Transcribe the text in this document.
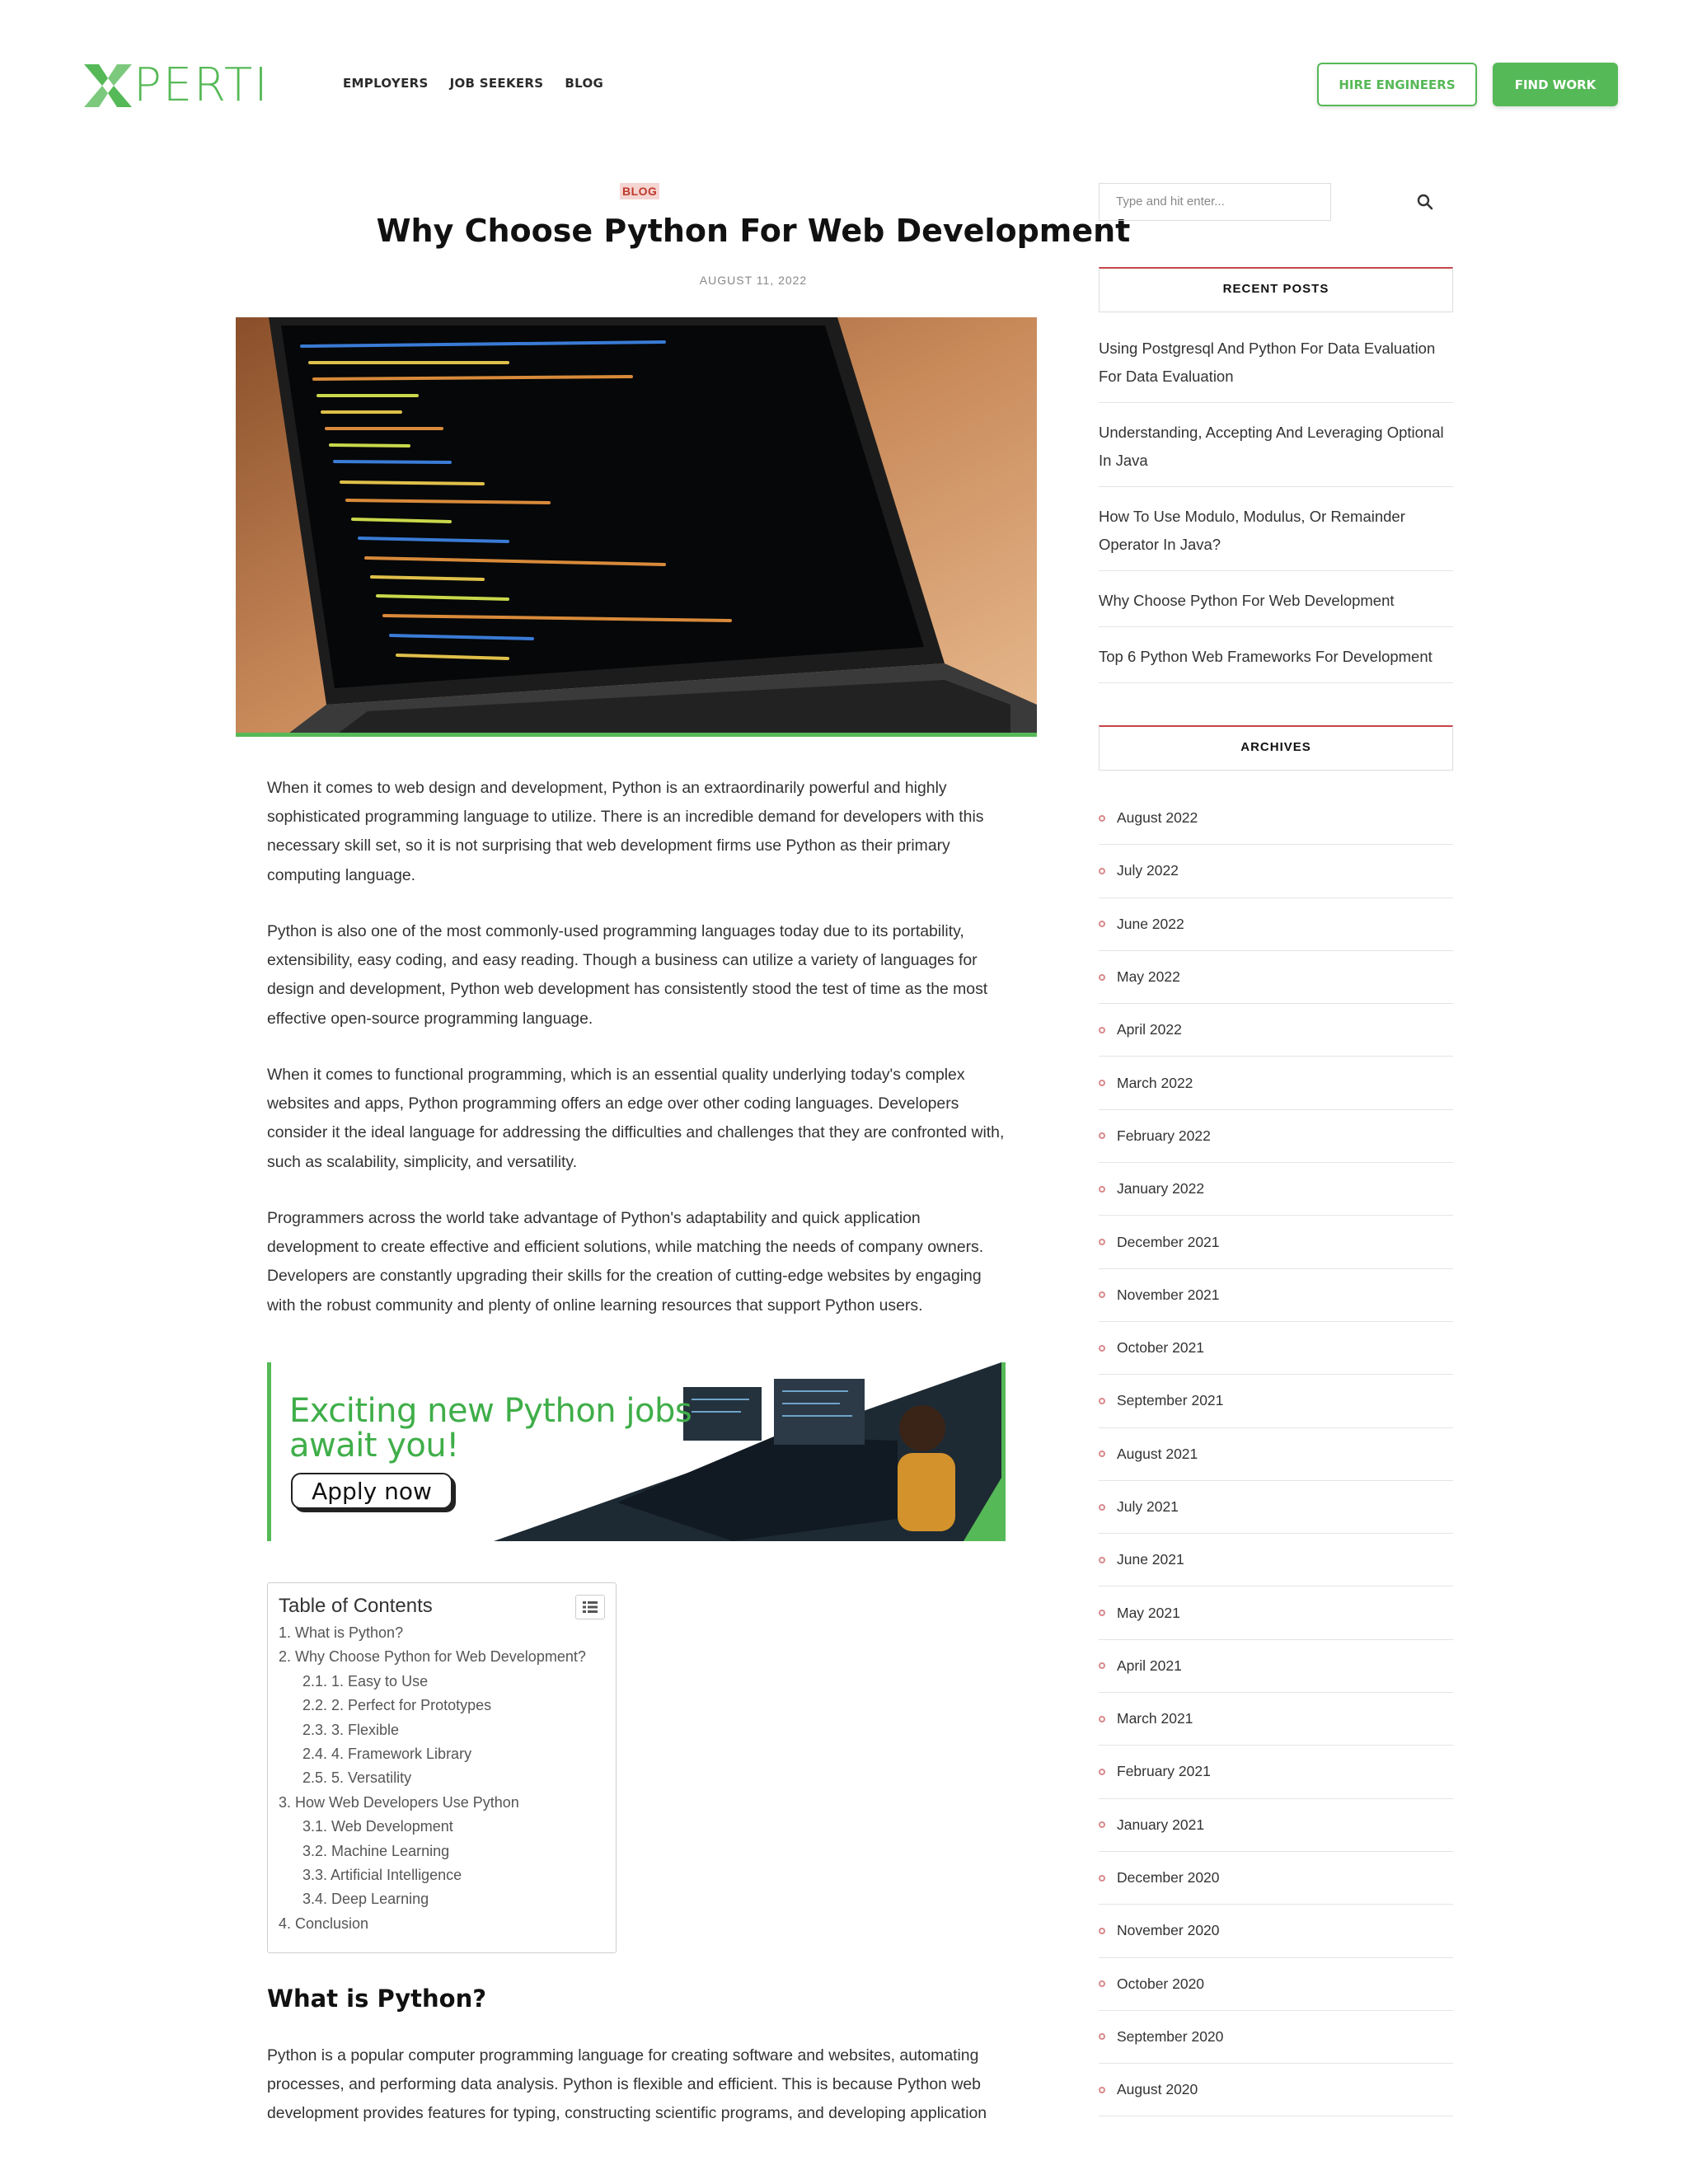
PERTI	EMPLOYERS JOB SEEKERS BLOG	HIRE ENGINEERS	FIND WORK
BLOG
Why Choose Python For Web Development
AUGUST 11, 2022

When it comes to web design and development, Python is an extraordinarily powerful and highly sophisticated programming language to utilize. There is an incredible demand for developers with this necessary skill set, so it is not surprising that web development firms use Python as their primary computing language.

Python is also one of the most commonly-used programming languages today due to its portability, extensibility, easy coding, and easy reading. Though a business can utilize a variety of languages for design and development, Python web development has consistently stood the test of time as the most effective open-source programming language.

When it comes to functional programming, which is an essential quality underlying today's complex websites and apps, Python programming offers an edge over other coding languages. Developers consider it the ideal language for addressing the difficulties and challenges that they are confronted with, such as scalability, simplicity, and versatility.

Programmers across the world take advantage of Python's adaptability and quick application development to create effective and efficient solutions, while matching the needs of company owners. Developers are constantly upgrading their skills for the creation of cutting-edge websites by engaging with the robust community and plenty of online learning resources that support Python users.

Exciting new Python jobs
await you!
Apply now
Table of Contents
1. What is Python?
2. Why Choose Python for Web Development?
2.1. 1. Easy to Use
2.2. 2. Perfect for Prototypes
2.3. 3. Flexible
2.4. 4. Framework Library
2.5. 5. Versatility
3. How Web Developers Use Python
3.1. Web Development
3.2. Machine Learning
3.3. Artificial Intelligence
3.4. Deep Learning
4. Conclusion
What is Python?

Python is a popular computer programming language for creating software and websites, automating processes, and performing data analysis. Python is flexible and efficient. This is because Python web development provides features for typing, constructing scientific programs, and developing application

Type and hit enter...
RECENT POSTS
Using Postgresql And Python For Data Evaluation For Data Evaluation
Understanding, Accepting And Leveraging Optional In Java
How To Use Modulo, Modulus, Or Remainder Operator In Java?
Why Choose Python For Web Development
Top 6 Python Web Frameworks For Development
ARCHIVES
August 2022
July 2022
June 2022
May 2022
April 2022
March 2022
February 2022
January 2022
December 2021
November 2021
October 2021
September 2021
August 2021
July 2021
June 2021
May 2021
April 2021
March 2021
February 2021
January 2021
December 2020
November 2020
October 2020
September 2020
August 2020
